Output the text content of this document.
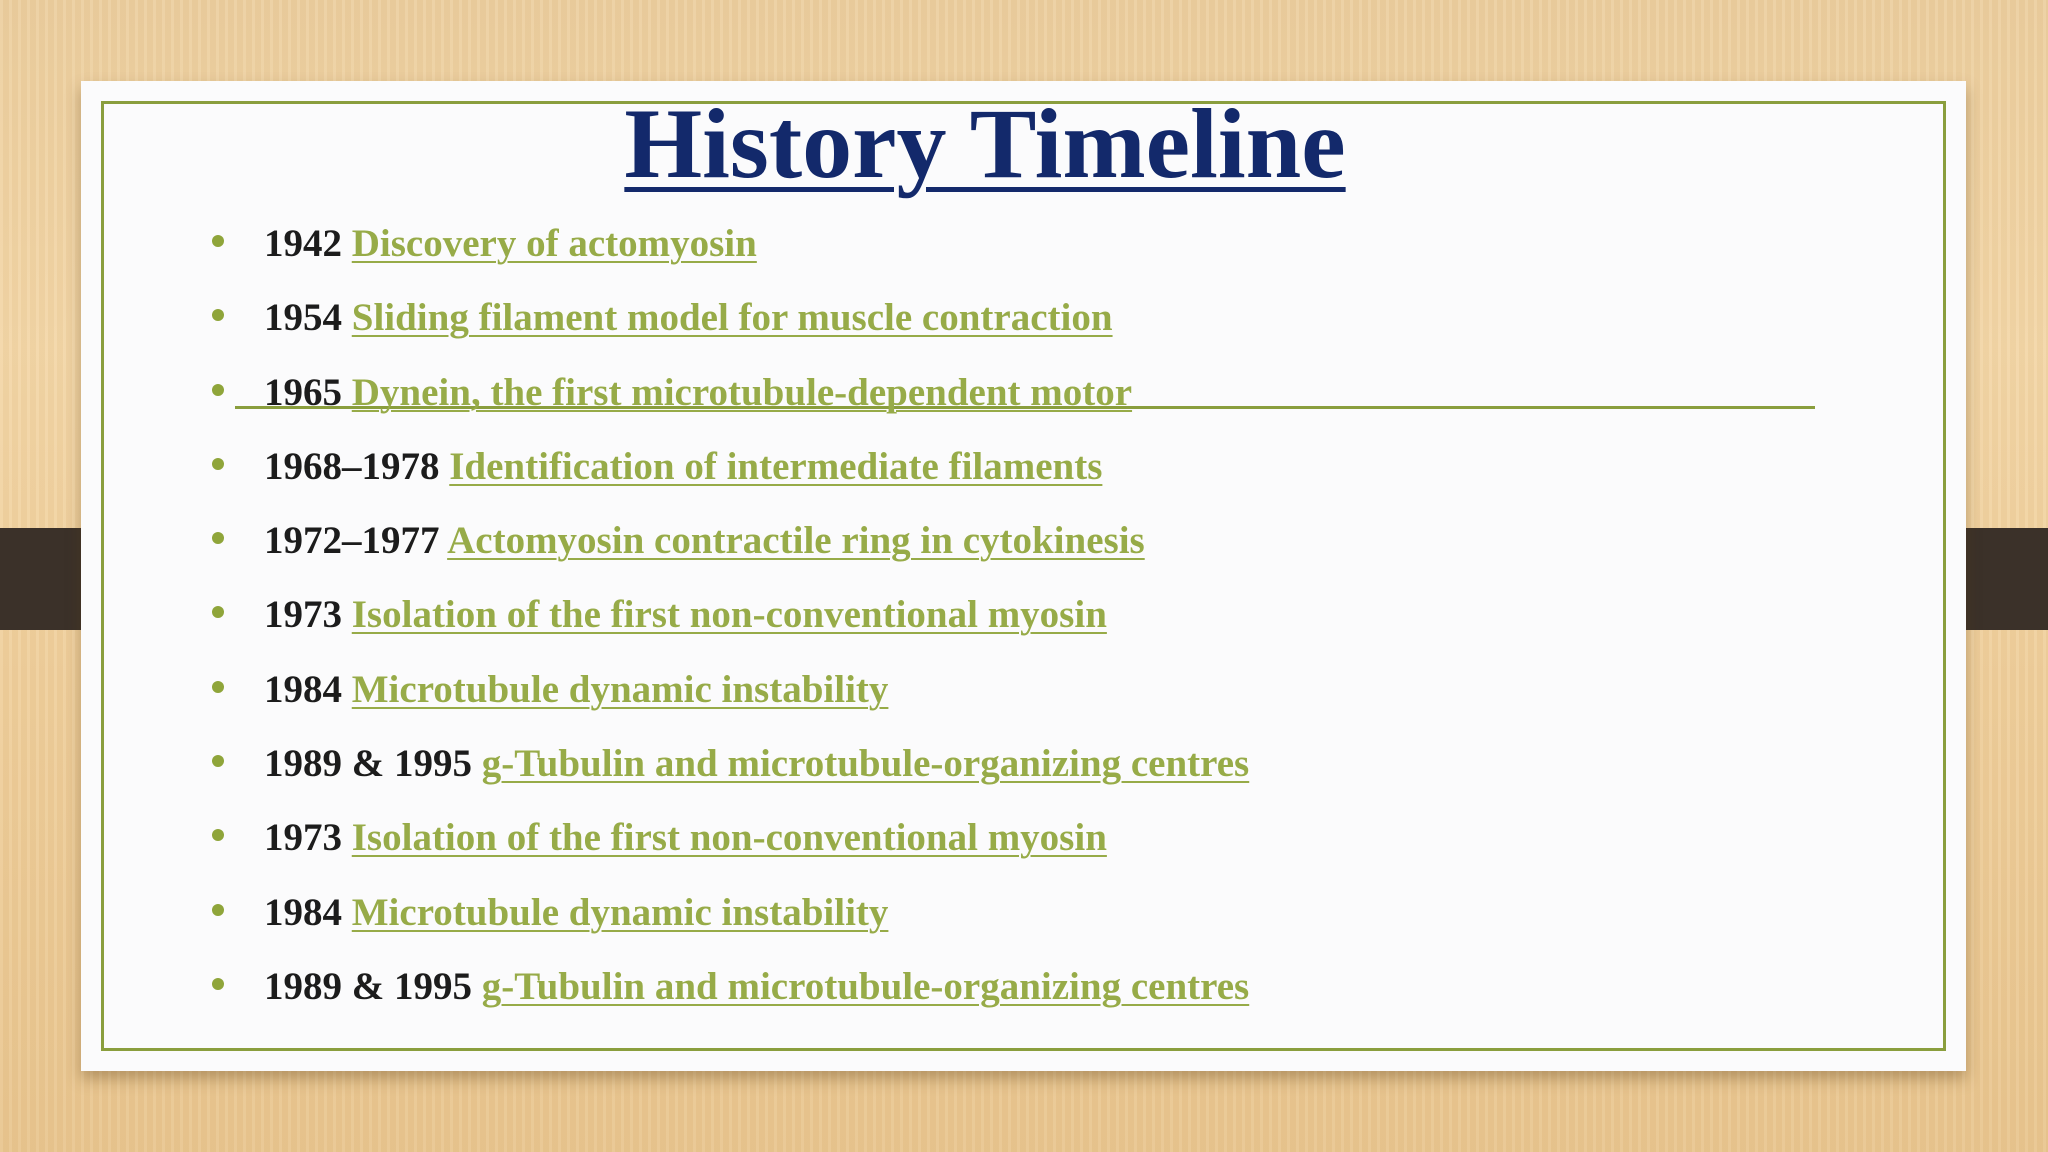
History Timeline
1942 Discovery of actomyosin
1954 Sliding filament model for muscle contraction
1965 Dynein, the first microtubule-dependent motor
1968–1978 Identification of intermediate filaments
1972–1977 Actomyosin contractile ring in cytokinesis
1973 Isolation of the first non-conventional myosin
1984 Microtubule dynamic instability
1989 & 1995 g-Tubulin and microtubule-organizing centres
1973 Isolation of the first non-conventional myosin
1984 Microtubule dynamic instability
1989 & 1995 g-Tubulin and microtubule-organizing centres
